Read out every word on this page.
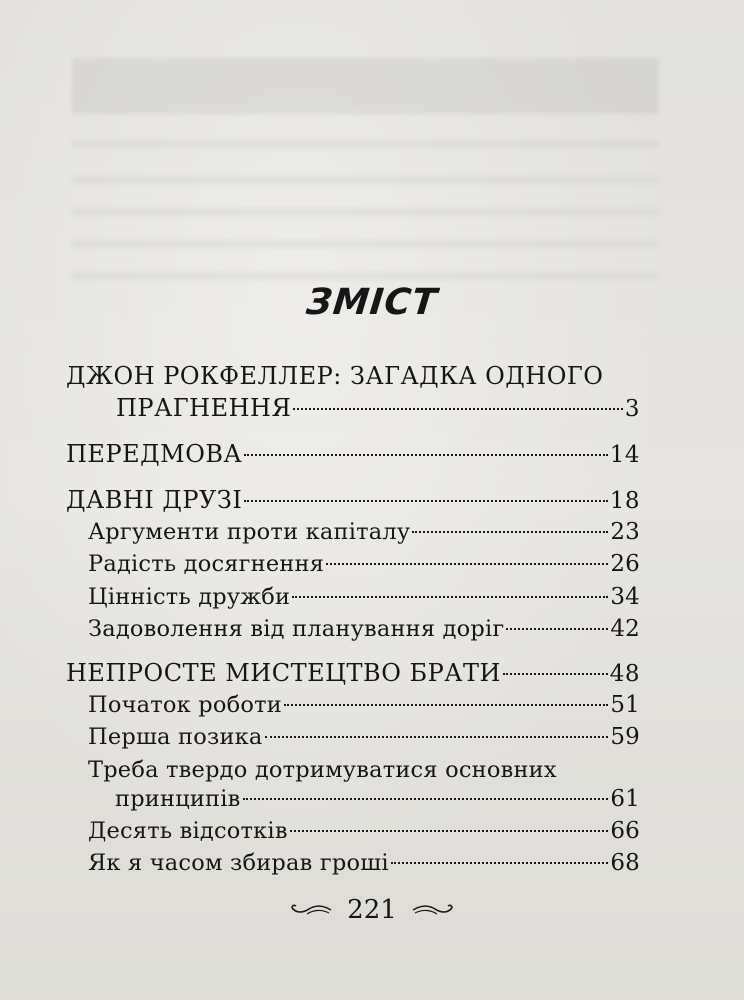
ЗМІСТ
ДЖОН РОКФЕЛЛЕР: ЗАГАДКА ОДНОГО
ПРАГНЕННЯ	3
ПЕРЕДМОВА	14
ДАВНІ ДРУЗІ	18
Аргументи проти капіталу	23
Радість досягнення	26
Цінність дружби	34
Задоволення від планування доріг	42
НЕПРОСТЕ МИСТЕЦТВО БРАТИ	48
Початок роботи	51
Перша позика	59
Треба твердо дотримуватися основних
принципів	61
Десять відсотків	66
Як я часом збирав гроші	68
221
